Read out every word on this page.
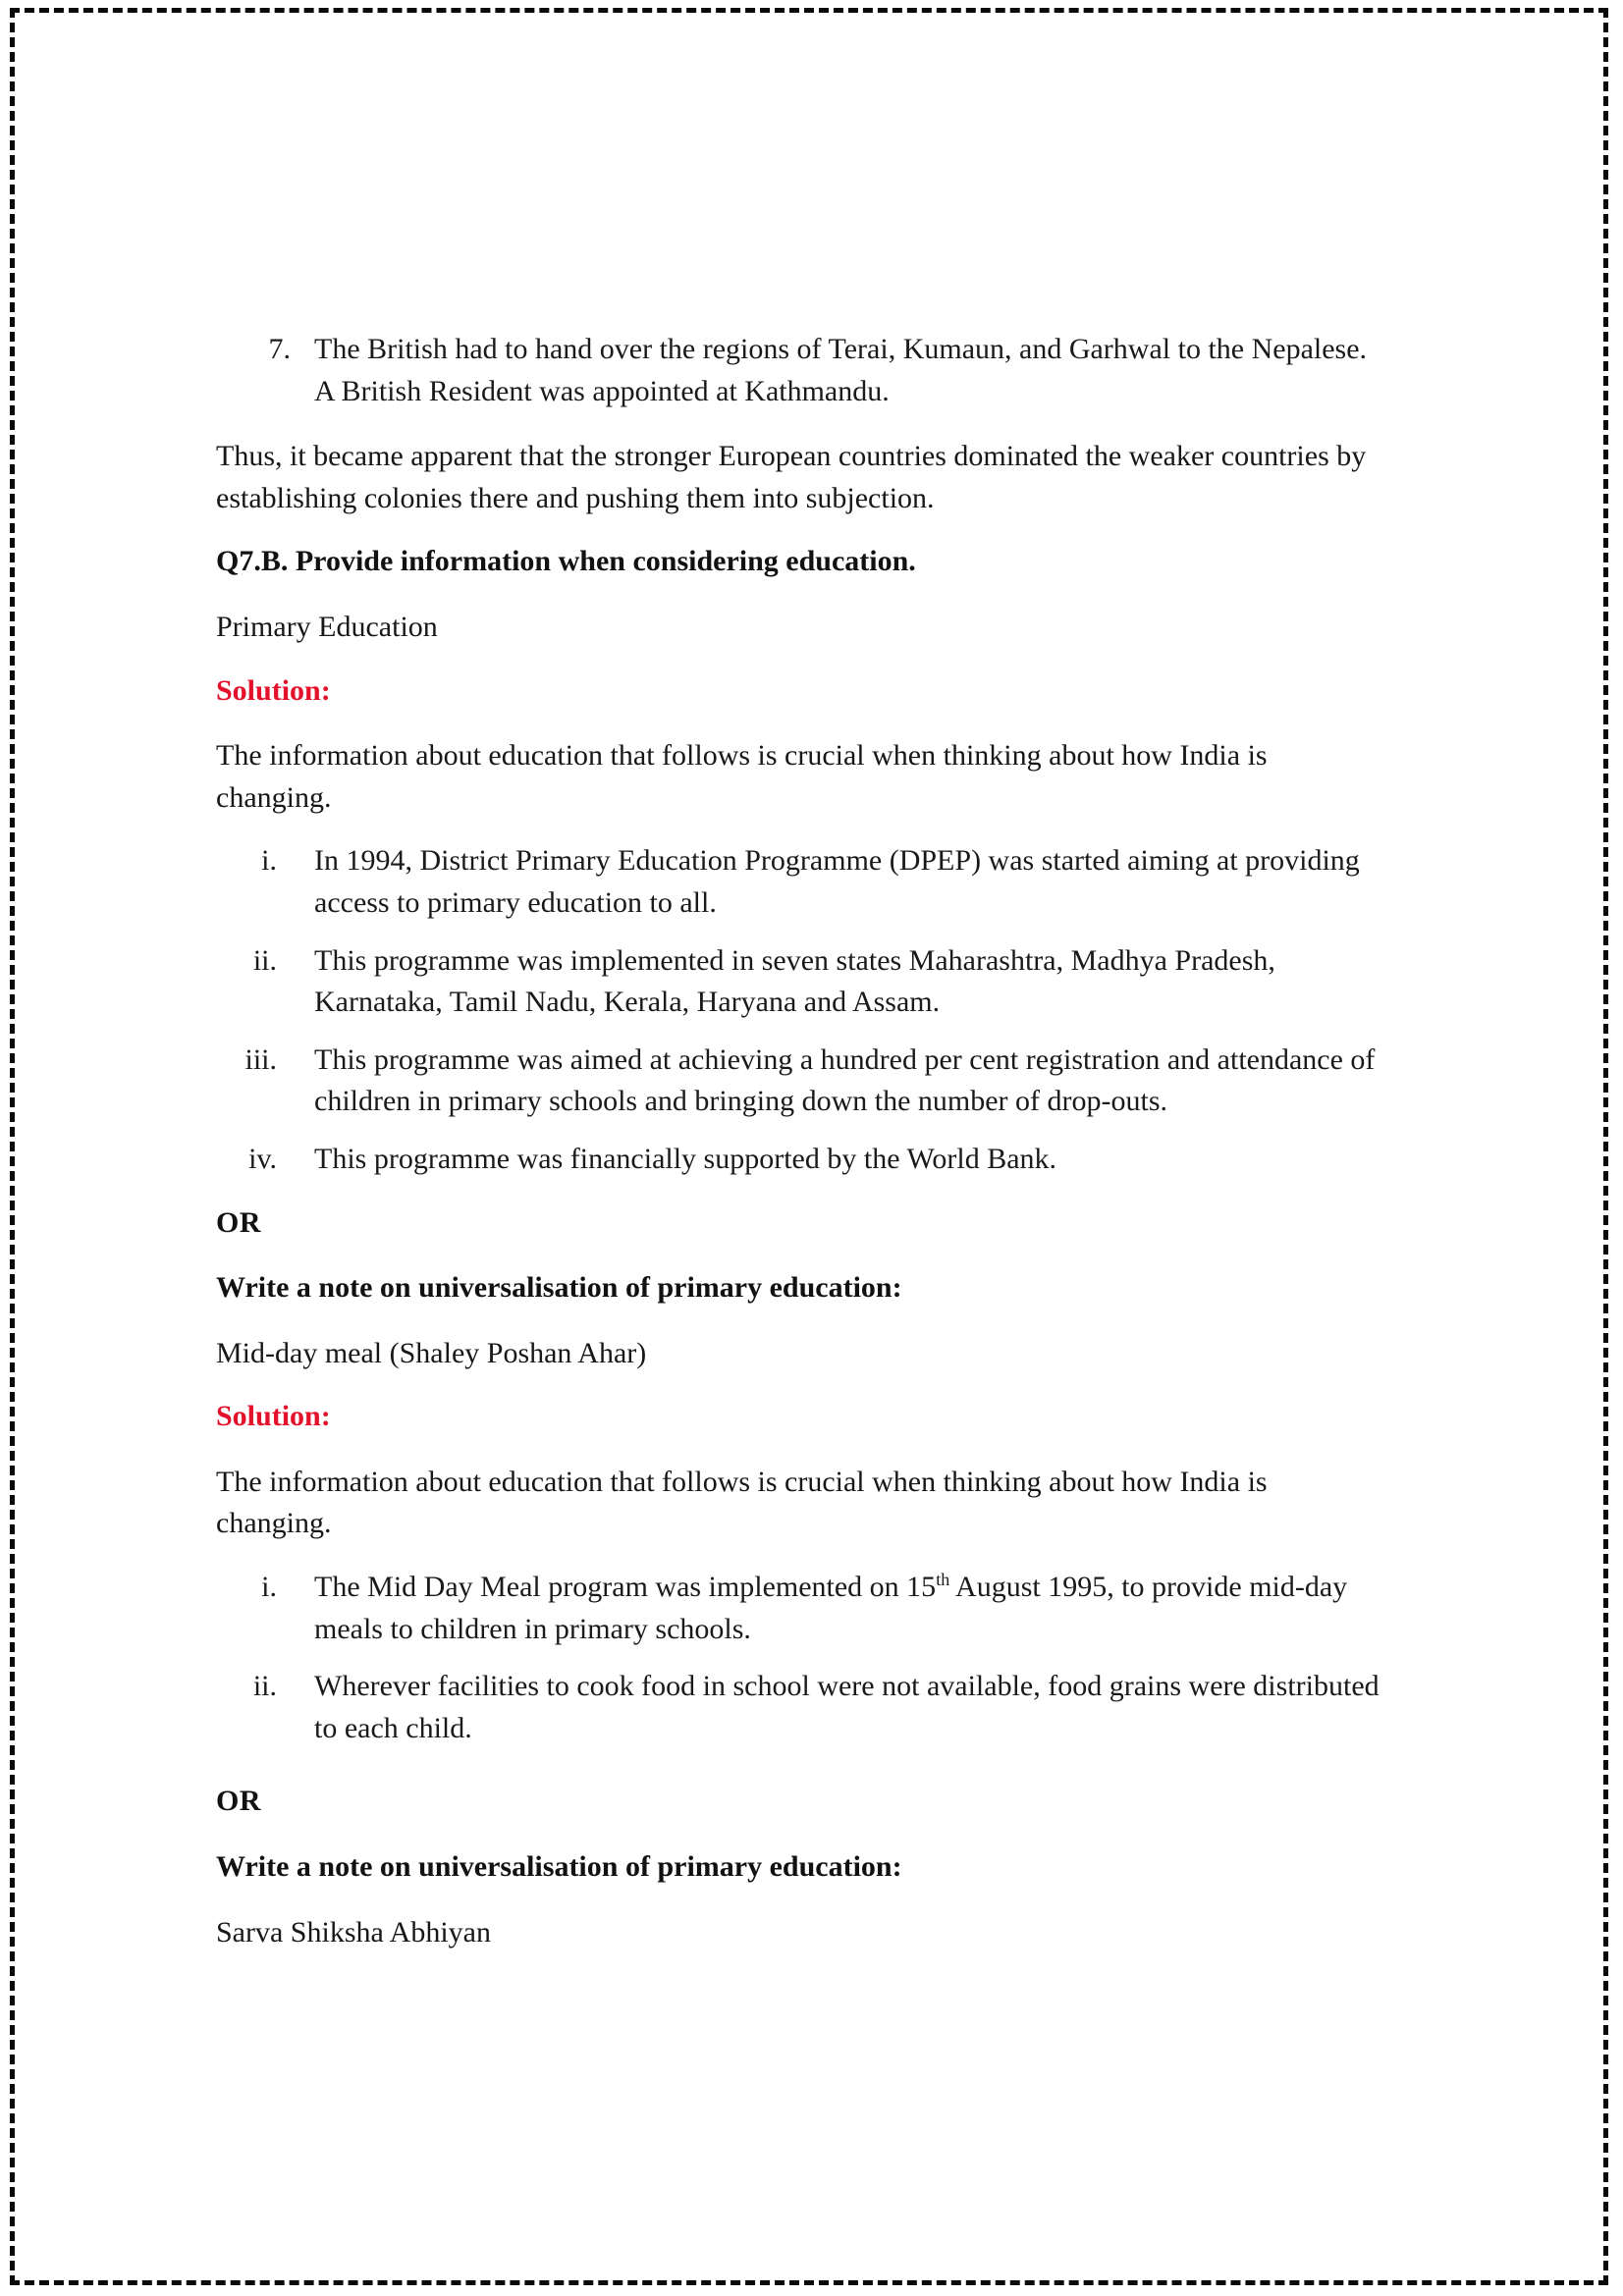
7. The British had to hand over the regions of Terai, Kumaun, and Garhwal to the Nepalese. A British Resident was appointed at Kathmandu.

Thus, it became apparent that the stronger European countries dominated the weaker countries by establishing colonies there and pushing them into subjection.

Q7.B. Provide information when considering education.

Primary Education

Solution:

The information about education that follows is crucial when thinking about how India is changing.

i. In 1994, District Primary Education Programme (DPEP) was started aiming at providing access to primary education to all.
ii. This programme was implemented in seven states Maharashtra, Madhya Pradesh, Karnataka, Tamil Nadu, Kerala, Haryana and Assam.
iii. This programme was aimed at achieving a hundred per cent registration and attendance of children in primary schools and bringing down the number of drop-outs.
iv. This programme was financially supported by the World Bank.

OR

Write a note on universalisation of primary education:

Mid-day meal (Shaley Poshan Ahar)

Solution:

The information about education that follows is crucial when thinking about how India is changing.

i. The Mid Day Meal program was implemented on 15th August 1995, to provide mid-day meals to children in primary schools.
ii. Wherever facilities to cook food in school were not available, food grains were distributed to each child.

OR

Write a note on universalisation of primary education:

Sarva Shiksha Abhiyan
